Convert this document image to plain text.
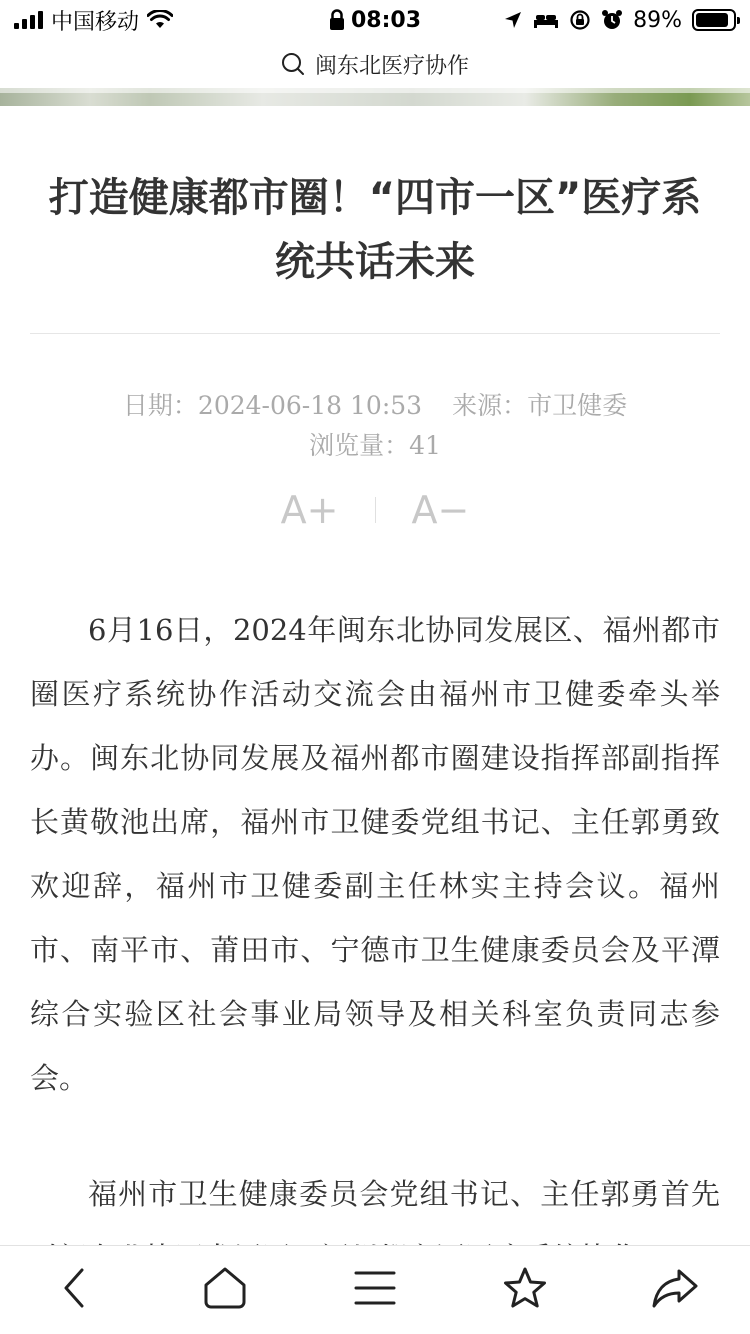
中国移动	08:03	89%
闽东北医疗协作
打造健康都市圈！“四市一区”医疗系统共话未来
日期：2024-06-18 10:53 来源：市卫健委
浏览量：41
A+ A−

6月16日，2024年闽东北协同发展区、福州都市圈医疗系统协作活动交流会由福州市卫健委牵头举办。闽东北协同发展及福州都市圈建设指挥部副指挥长黄敬池出席，福州市卫健委党组书记、主任郭勇致欢迎辞，福州市卫健委副主任林实主持会议。福州市、南平市、莆田市、宁德市卫生健康委员会及平潭综合实验区社会事业局领导及相关科室负责同志参会。

福州市卫生健康委员会党组书记、主任郭勇首先
